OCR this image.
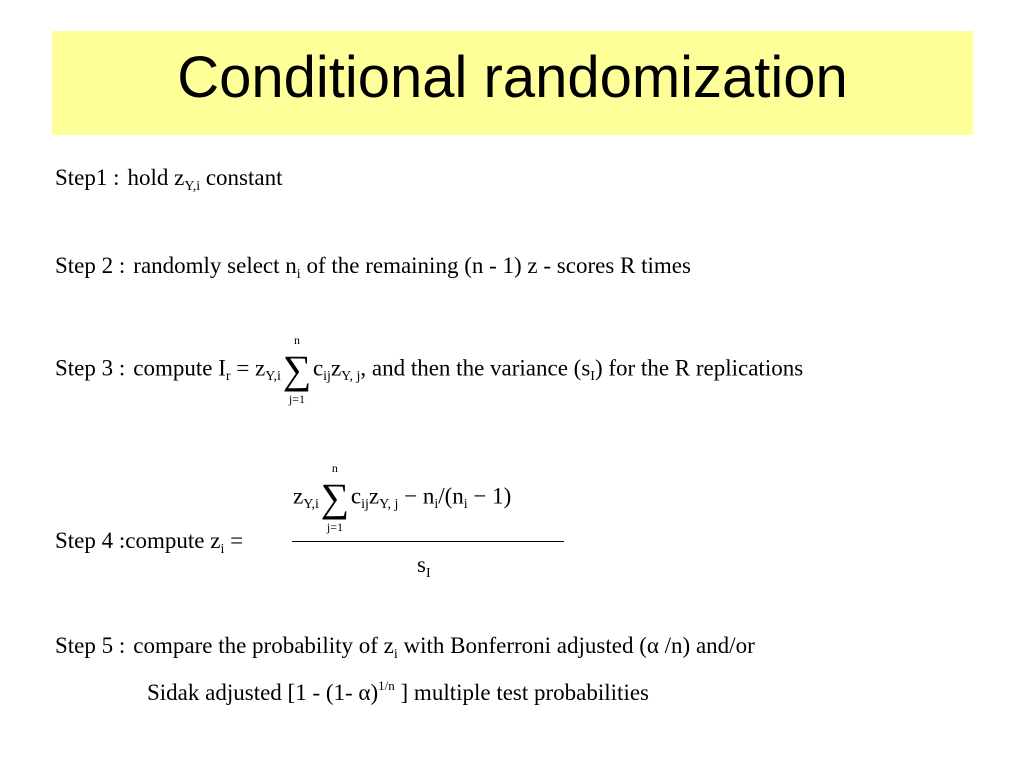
Conditional randomization
Step1 : hold $z_{Y,i}$ constant
Step 2 : randomly select $n_i$ of the remaining (n - 1) z - scores R times
Step 3 : compute $I_r = z_{Y,i}$
n
∑
j=1
$c_{ij}z_{Y, j}$, and then the variance $(s_I)$ for the R replications
$z_{Y,i}$
n
∑
j=1
$c_{ij}z_{Y, j} - n_i/(n_i - 1)$
Step 4 :compute $z_i$ =
$s_I$
Step 5 : compare the probability of $z_i$ with Bonferroni adjusted (α /n) and/or
Sidak adjusted [1 - (1- α)$^{1/n}$ ] multiple test probabilities
